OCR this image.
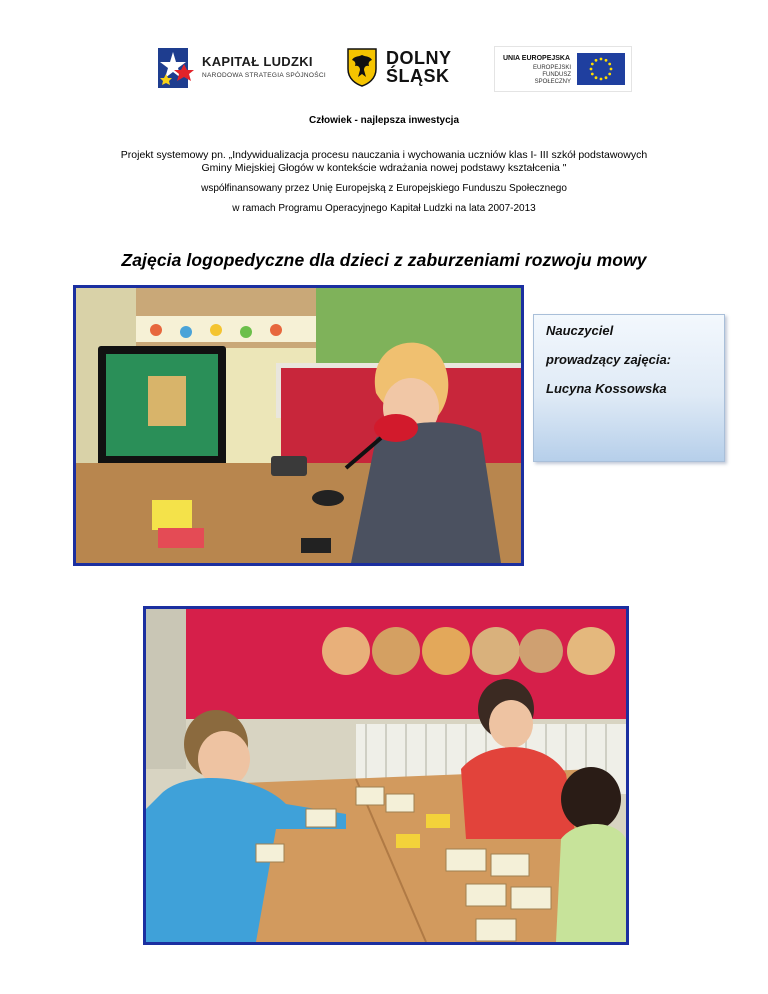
KAPITAŁ LUDZKI
NARODOWA STRATEGIA SPÓJNOŚCI
DOLNY
ŚLĄSK
UNIA EUROPEJSKA
EUROPEJSKI
FUNDUSZ SPOŁECZNY
Człowiek - najlepsza inwestycja
Projekt systemowy pn. „Indywidualizacja procesu nauczania i wychowania uczniów klas I- III szkół podstawowych
Gminy Miejskiej Głogów w kontekście wdrażania nowej podstawy kształcenia "
współfinansowany przez Unię Europejską z Europejskiego Funduszu Społecznego
w ramach Programu Operacyjnego Kapitał Ludzki na lata 2007-2013
Zajęcia logopedyczne dla dzieci z zaburzeniami rozwoju mowy
Nauczyciel
prowadzący zajęcia:
Lucyna Kossowska
